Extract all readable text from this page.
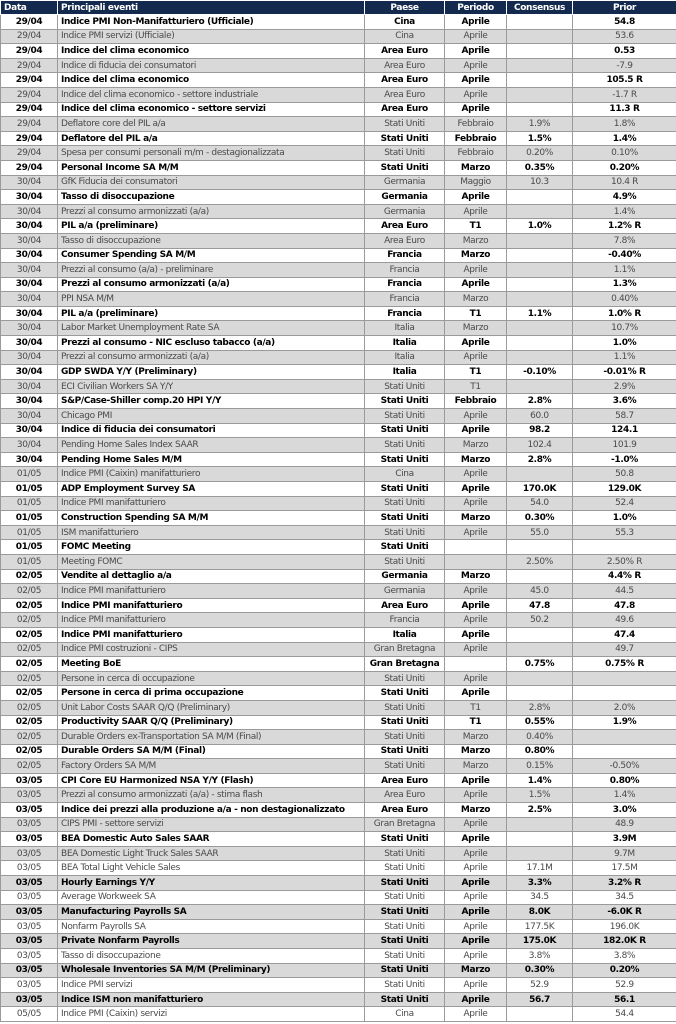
Data	Principali eventi	Paese	Periodo	Consensus	Prior
29/04	Indice PMI Non-Manifatturiero (Ufficiale)	Cina	Aprile		54.8
29/04	Indice PMI servizi (Ufficiale)	Cina	Aprile		53.6
29/04	Indice del clima economico	Area Euro	Aprile		0.53
29/04	Indice di fiducia dei consumatori	Area Euro	Aprile		-7.9
29/04	Indice del clima economico	Area Euro	Aprile		105.5 R
29/04	Indice del clima economico - settore industriale	Area Euro	Aprile		-1.7 R
29/04	Indice del clima economico - settore servizi	Area Euro	Aprile		11.3 R
29/04	Deflatore core del PIL a/a	Stati Uniti	Febbraio	1.9%	1.8%
29/04	Deflatore del PIL a/a	Stati Uniti	Febbraio	1.5%	1.4%
29/04	Spesa per consumi personali m/m - destagionalizzata	Stati Uniti	Febbraio	0.20%	0.10%
29/04	Personal Income SA M/M	Stati Uniti	Marzo	0.35%	0.20%
30/04	GfK Fiducia dei consumatori	Germania	Maggio	10.3	10.4 R
30/04	Tasso di disoccupazione	Germania	Aprile		4.9%
30/04	Prezzi al consumo armonizzati (a/a)	Germania	Aprile		1.4%
30/04	PIL a/a (preliminare)	Area Euro	T1	1.0%	1.2% R
30/04	Tasso di disoccupazione	Area Euro	Marzo		7.8%
30/04	Consumer Spending SA M/M	Francia	Marzo		-0.40%
30/04	Prezzi al consumo (a/a) - preliminare	Francia	Aprile		1.1%
30/04	Prezzi al consumo armonizzati (a/a)	Francia	Aprile		1.3%
30/04	PPI NSA M/M	Francia	Marzo		0.40%
30/04	PIL a/a (preliminare)	Francia	T1	1.1%	1.0% R
30/04	Labor Market Unemployment Rate SA	Italia	Marzo		10.7%
30/04	Prezzi al consumo - NIC escluso tabacco (a/a)	Italia	Aprile		1.0%
30/04	Prezzi al consumo armonizzati (a/a)	Italia	Aprile		1.1%
30/04	GDP SWDA Y/Y (Preliminary)	Italia	T1	-0.10%	-0.01% R
30/04	ECI Civilian Workers SA Y/Y	Stati Uniti	T1		2.9%
30/04	S&P/Case-Shiller comp.20 HPI Y/Y	Stati Uniti	Febbraio	2.8%	3.6%
30/04	Chicago PMI	Stati Uniti	Aprile	60.0	58.7
30/04	Indice di fiducia dei consumatori	Stati Uniti	Aprile	98.2	124.1
30/04	Pending Home Sales Index SAAR	Stati Uniti	Marzo	102.4	101.9
30/04	Pending Home Sales M/M	Stati Uniti	Marzo	2.8%	-1.0%
01/05	Indice PMI (Caixin) manifatturiero	Cina	Aprile		50.8
01/05	ADP Employment Survey SA	Stati Uniti	Aprile	170.0K	129.0K
01/05	Indice PMI manifatturiero	Stati Uniti	Aprile	54.0	52.4
01/05	Construction Spending SA M/M	Stati Uniti	Marzo	0.30%	1.0%
01/05	ISM manifatturiero	Stati Uniti	Aprile	55.0	55.3
01/05	FOMC Meeting	Stati Uniti			
01/05	Meeting FOMC	Stati Uniti		2.50%	2.50% R
02/05	Vendite al dettaglio a/a	Germania	Marzo		4.4% R
02/05	Indice PMI manifatturiero	Germania	Aprile	45.0	44.5
02/05	Indice PMI manifatturiero	Area Euro	Aprile	47.8	47.8
02/05	Indice PMI manifatturiero	Francia	Aprile	50.2	49.6
02/05	Indice PMI manifatturiero	Italia	Aprile		47.4
02/05	Indice PMI costruzioni - CIPS	Gran Bretagna	Aprile		49.7
02/05	Meeting BoE	Gran Bretagna		0.75%	0.75% R
02/05	Persone in cerca di occupazione	Stati Uniti	Aprile		
02/05	Persone in cerca di prima occupazione	Stati Uniti	Aprile		
02/05	Unit Labor Costs SAAR Q/Q (Preliminary)	Stati Uniti	T1	2.8%	2.0%
02/05	Productivity SAAR Q/Q (Preliminary)	Stati Uniti	T1	0.55%	1.9%
02/05	Durable Orders ex-Transportation SA M/M (Final)	Stati Uniti	Marzo	0.40%	
02/05	Durable Orders SA M/M (Final)	Stati Uniti	Marzo	0.80%	
02/05	Factory Orders SA M/M	Stati Uniti	Marzo	0.15%	-0.50%
03/05	CPI Core EU Harmonized NSA Y/Y (Flash)	Area Euro	Aprile	1.4%	0.80%
03/05	Prezzi al consumo armonizzati (a/a) - stima flash	Area Euro	Aprile	1.5%	1.4%
03/05	Indice dei prezzi alla produzione a/a - non destagionalizzato	Area Euro	Marzo	2.5%	3.0%
03/05	CIPS PMI - settore servizi	Gran Bretagna	Aprile		48.9
03/05	BEA Domestic Auto Sales SAAR	Stati Uniti	Aprile		3.9M
03/05	BEA Domestic Light Truck Sales SAAR	Stati Uniti	Aprile		9.7M
03/05	BEA Total Light Vehicle Sales	Stati Uniti	Aprile	17.1M	17.5M
03/05	Hourly Earnings Y/Y	Stati Uniti	Aprile	3.3%	3.2% R
03/05	Average Workweek SA	Stati Uniti	Aprile	34.5	34.5
03/05	Manufacturing Payrolls SA	Stati Uniti	Aprile	8.0K	-6.0K R
03/05	Nonfarm Payrolls SA	Stati Uniti	Aprile	177.5K	196.0K
03/05	Private Nonfarm Payrolls	Stati Uniti	Aprile	175.0K	182.0K R
03/05	Tasso di disoccupazione	Stati Uniti	Aprile	3.8%	3.8%
03/05	Wholesale Inventories SA M/M (Preliminary)	Stati Uniti	Marzo	0.30%	0.20%
03/05	Indice PMI servizi	Stati Uniti	Aprile	52.9	52.9
03/05	Indice ISM non manifatturiero	Stati Uniti	Aprile	56.7	56.1
05/05	Indice PMI (Caixin) servizi	Cina	Aprile		54.4
